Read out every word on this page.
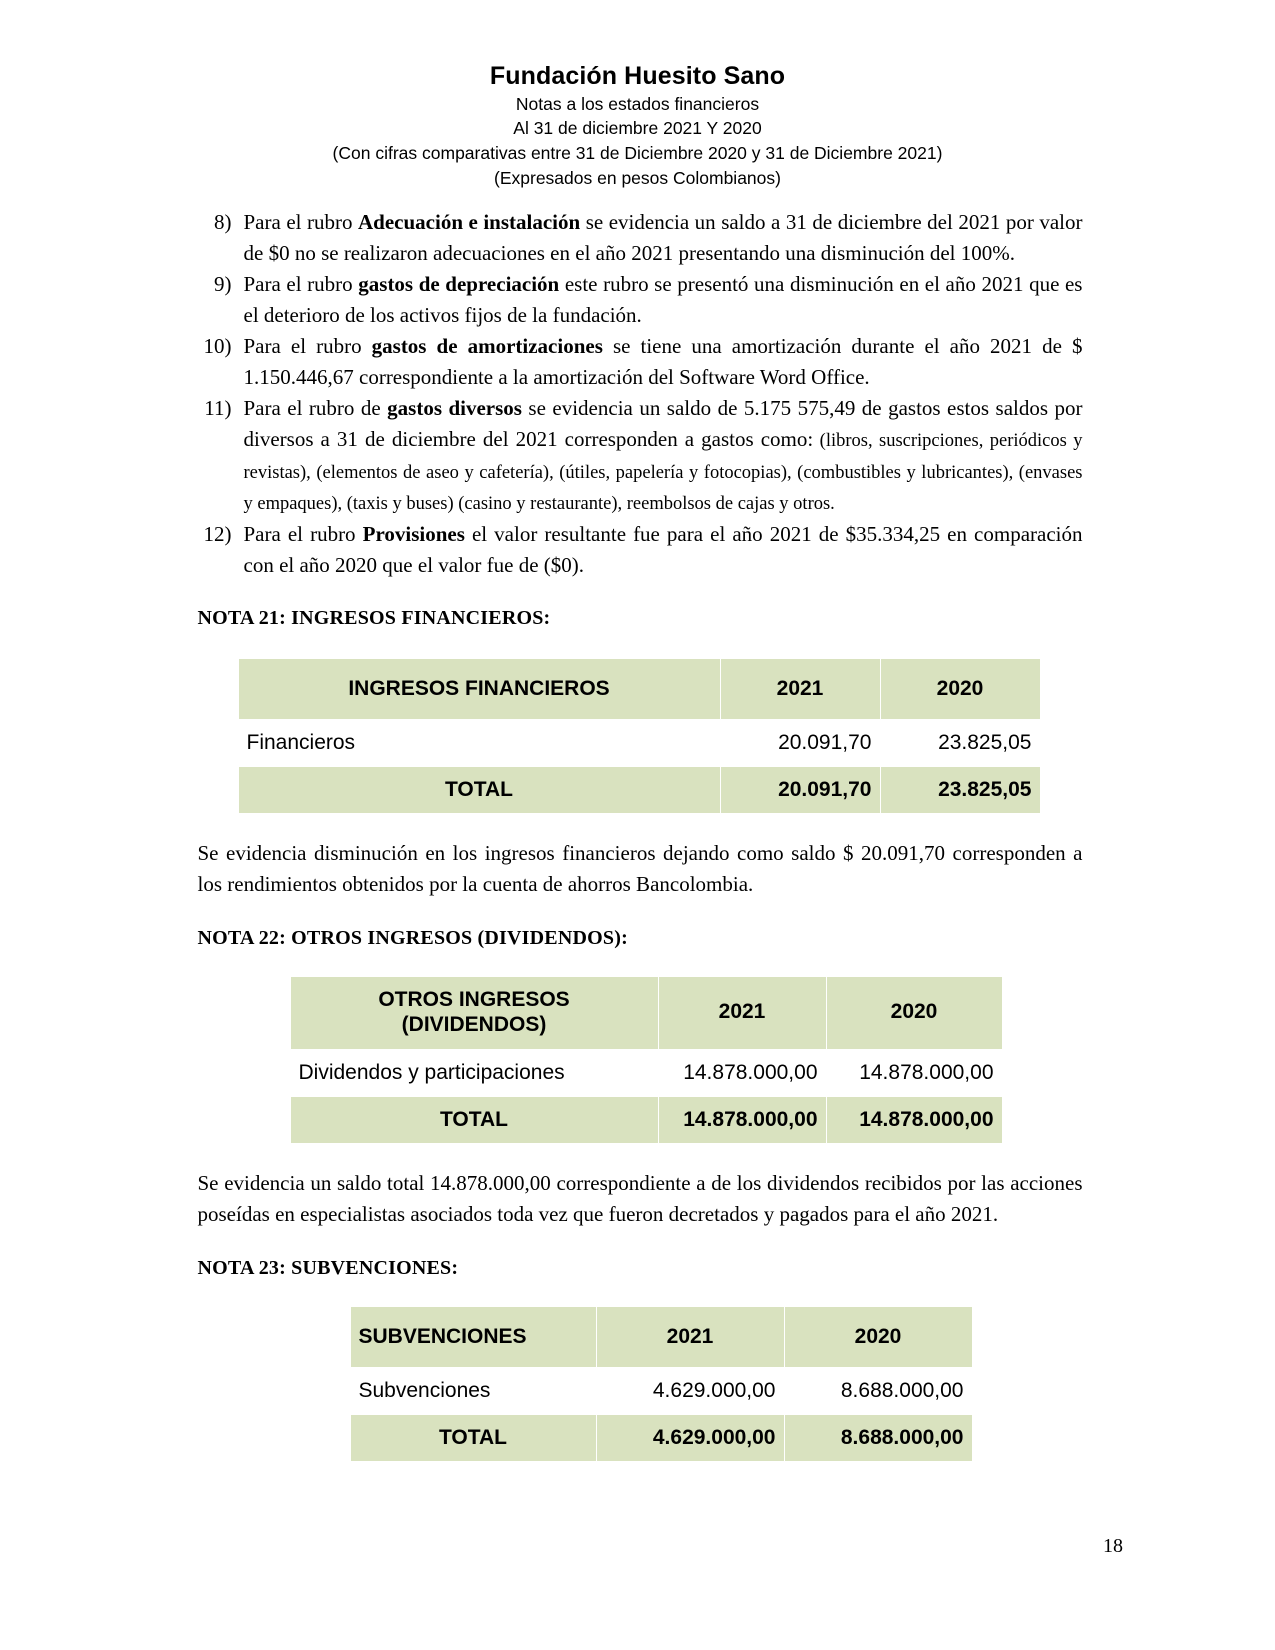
Fundación Huesito Sano
Notas a los estados financieros
Al 31 de diciembre 2021 Y 2020
(Con cifras comparativas entre 31 de Diciembre 2020 y 31 de Diciembre 2021)
(Expresados en pesos Colombianos)
8) Para el rubro Adecuación e instalación se evidencia un saldo a 31 de diciembre del 2021 por valor de $0 no se realizaron adecuaciones en el año 2021 presentando una disminución del 100%.
9) Para el rubro gastos de depreciación este rubro se presentó una disminución en el año 2021 que es el deterioro de los activos fijos de la fundación.
10) Para el rubro gastos de amortizaciones se tiene una amortización durante el año 2021 de $ 1.150.446,67 correspondiente a la amortización del Software Word Office.
11) Para el rubro de gastos diversos se evidencia un saldo de 5.175 575,49 de gastos estos saldos por diversos a 31 de diciembre del 2021 corresponden a gastos como: (libros, suscripciones, periódicos y revistas), (elementos de aseo y cafetería), (útiles, papelería y fotocopias), (combustibles y lubricantes), (envases y empaques), (taxis y buses) (casino y restaurante), reembolsos de cajas y otros.
12) Para el rubro Provisiones el valor resultante fue para el año 2021 de $35.334,25 en comparación con el año 2020 que el valor fue de ($0).
NOTA 21: INGRESOS FINANCIEROS:
INGRESOS FINANCIEROS	2021	2020
Financieros	20.091,70	23.825,05
TOTAL	20.091,70	23.825,05
Se evidencia disminución en los ingresos financieros dejando como saldo $ 20.091,70 corresponden a los rendimientos obtenidos por la cuenta de ahorros Bancolombia.
NOTA 22: OTROS INGRESOS (DIVIDENDOS):
OTROS INGRESOS
(DIVIDENDOS)	2021	2020
Dividendos y participaciones	14.878.000,00	14.878.000,00
TOTAL	14.878.000,00	14.878.000,00
Se evidencia un saldo total 14.878.000,00 correspondiente a de los dividendos recibidos por las acciones poseídas en especialistas asociados toda vez que fueron decretados y pagados para el año 2021.
NOTA 23: SUBVENCIONES:
SUBVENCIONES	2021	2020
Subvenciones	4.629.000,00	8.688.000,00
TOTAL	4.629.000,00	8.688.000,00
18
